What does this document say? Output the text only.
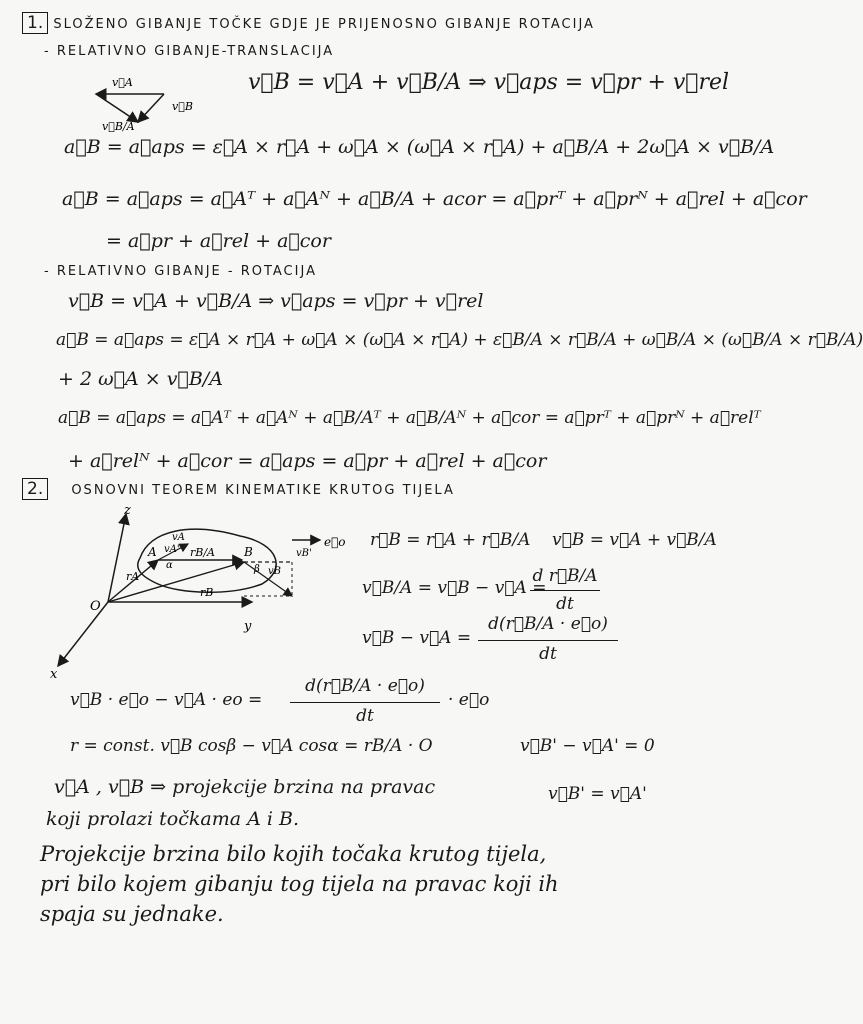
1. SLOŽENO GIBANJE TOČKE GDJE JE PRIJENOSNO GIBANJE ROTACIJA
- RELATIVNO GIBANJE-TRANSLACIJA
v⃗A
v⃗B
v⃗B/A
v⃗B = v⃗A + v⃗B/A ⇒ v⃗aps = v⃗pr + v⃗rel
a⃗B = a⃗aps = ε⃗A × r⃗A + ω⃗A × (ω⃗A × r⃗A) + a⃗B/A + 2ω⃗A × v⃗B/A
a⃗B = a⃗aps = a⃗Aᵀ + a⃗Aᴺ + a⃗B/A + acor = a⃗prᵀ + a⃗prᴺ + a⃗rel + a⃗cor
= a⃗pr + a⃗rel + a⃗cor
- RELATIVNO GIBANJE - ROTACIJA
v⃗B = v⃗A + v⃗B/A ⇒ v⃗aps = v⃗pr + v⃗rel
a⃗B = a⃗aps = ε⃗A × r⃗A + ω⃗A × (ω⃗A × r⃗A) + ε⃗B/A × r⃗B/A + ω⃗B/A × (ω⃗B/A × r⃗B/A)
+ 2 ω⃗A × v⃗B/A
a⃗B = a⃗aps = a⃗Aᵀ + a⃗Aᴺ + a⃗B/Aᵀ + a⃗B/Aᴺ + a⃗cor = a⃗prᵀ + a⃗prᴺ + a⃗relᵀ
+ a⃗relᴺ + a⃗cor = a⃗aps = a⃗pr + a⃗rel + a⃗cor
2. OSNOVNI TEOREM KINEMATIKE KRUTOG TIJELA
z
y
x
O
A	B
rA
rB
rB/A
vA
vB
vB'
vA'
e⃗o
α	β
r⃗B = r⃗A + r⃗B/A v⃗B = v⃗A + v⃗B/A
v⃗B/A = v⃗B − v⃗A =
d r⃗B/A
dt
v⃗B − v⃗A =
d(r⃗B/A · e⃗o)
dt
v⃗B · e⃗o − v⃗A · eo =
d(r⃗B/A · e⃗o)
dt
· e⃗o
r = const. v⃗B cosβ − v⃗A cosα = rB/A · O	v⃗B' − v⃗A' = 0
v⃗A , v⃗B ⇒ projekcije brzina na pravac	v⃗B' = v⃗A'
koji prolazi točkama A i B.
Projekcije brzina bilo kojih točaka krutog tijela,
pri bilo kojem gibanju tog tijela na pravac koji ih
spaja su jednake.
